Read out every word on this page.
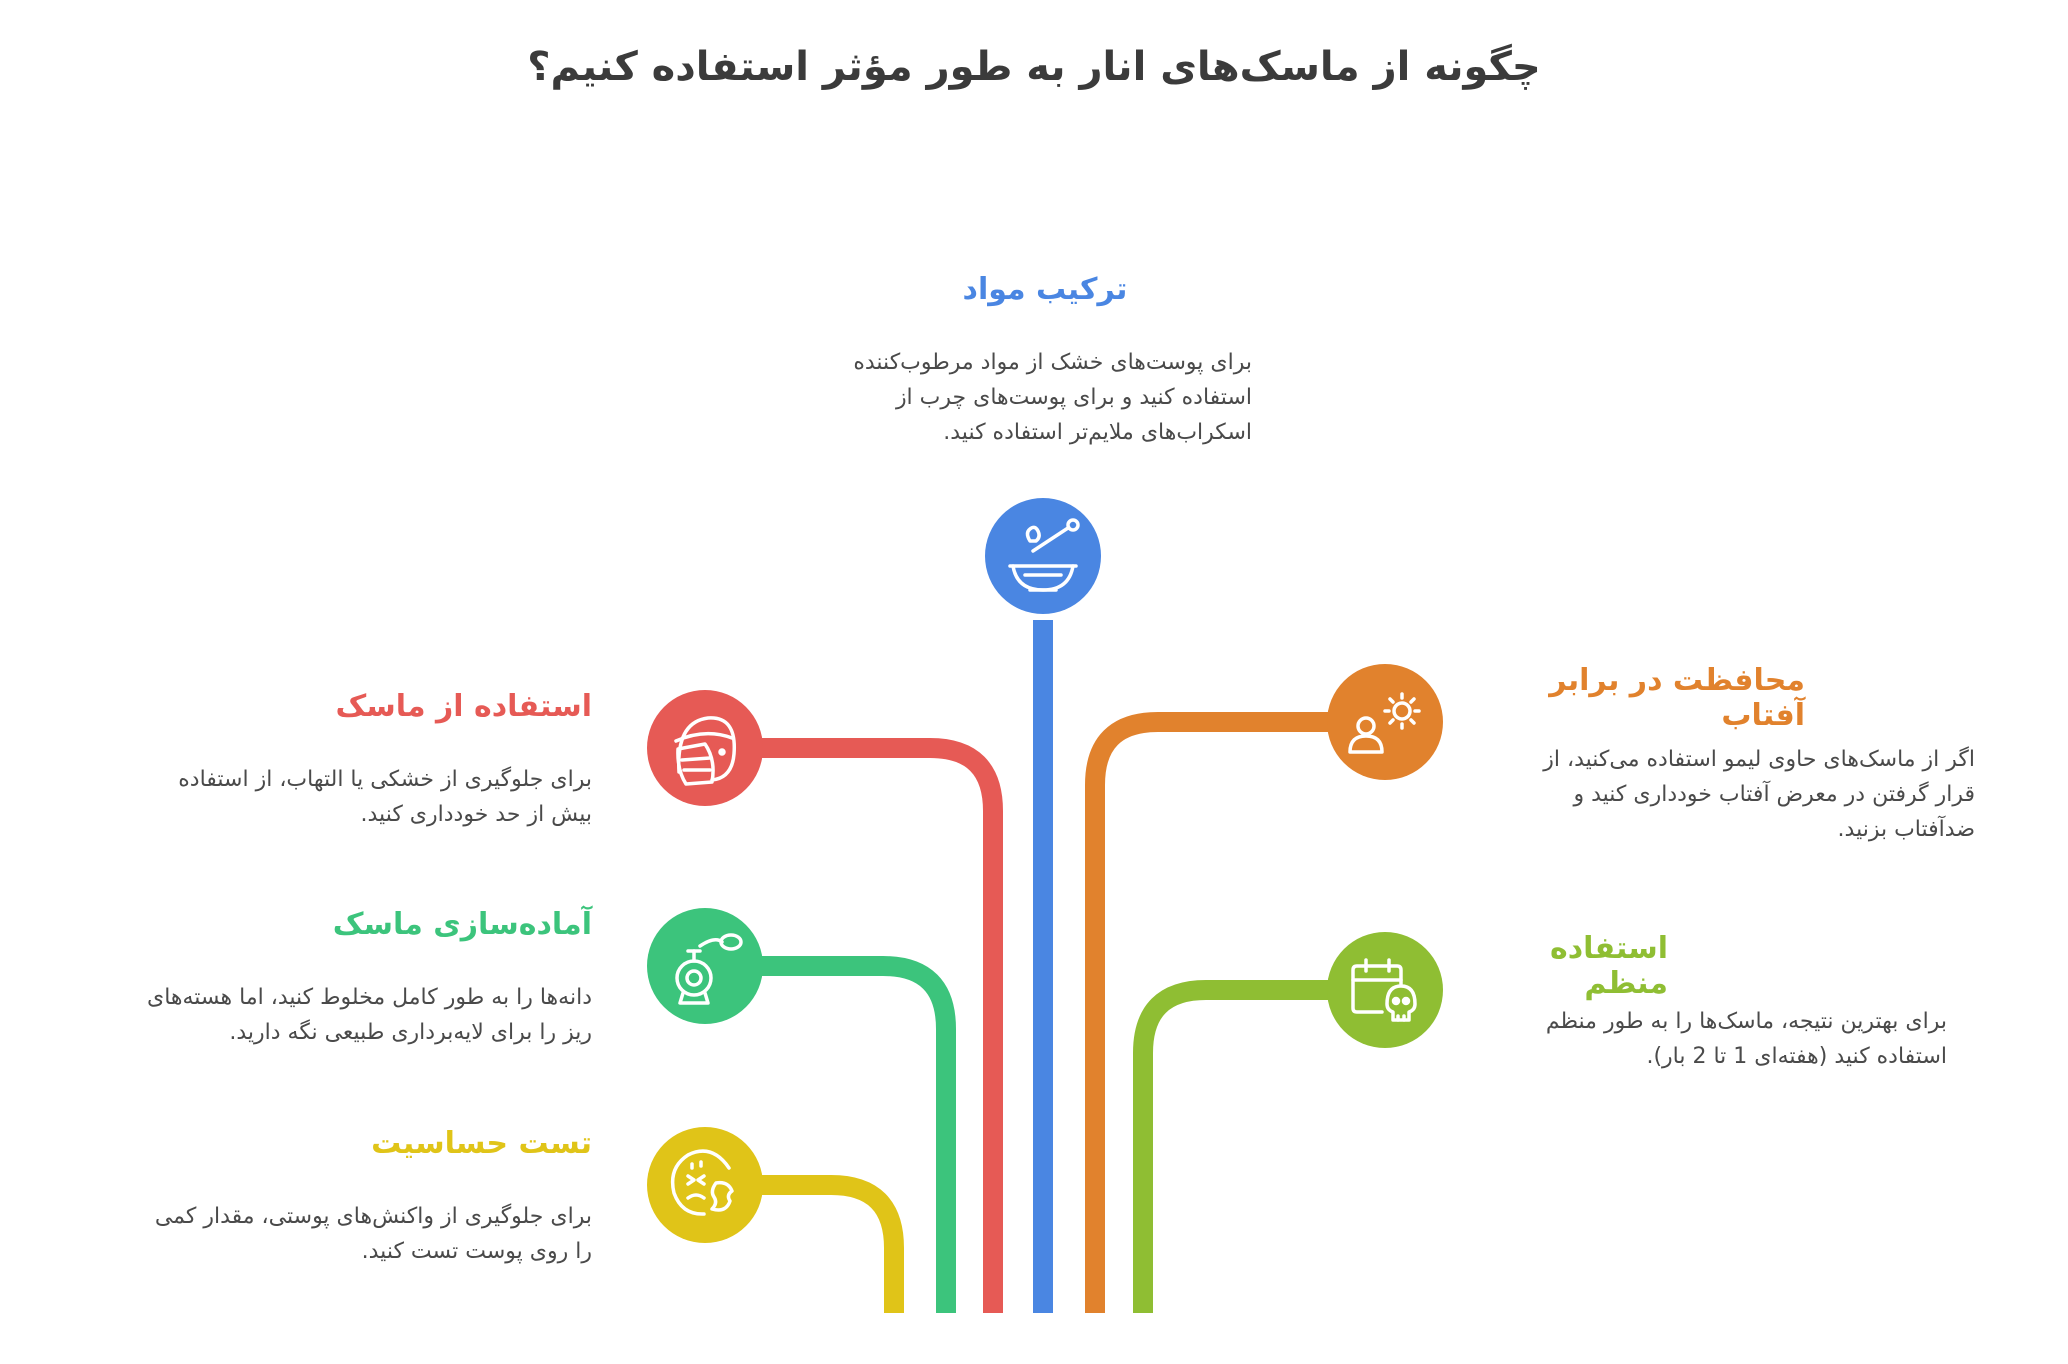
چگونه از ماسک‌های انار به طور مؤثر استفاده کنیم؟
ترکیب مواد
برای پوست‌های خشک از مواد مرطوب‌کننده
استفاده کنید و برای پوست‌های چرب از
اسکراب‌های ملایم‌تر استفاده کنید.
استفاده از ماسک
برای جلوگیری از خشکی یا التهاب، از استفاده
بیش از حد خودداری کنید.
آماده‌سازی ماسک
دانه‌ها را به طور کامل مخلوط کنید، اما هسته‌های
ریز را برای لایه‌برداری طبیعی نگه دارید.
تست حساسیت
برای جلوگیری از واکنش‌های پوستی، مقدار کمی
را روی پوست تست کنید.
محافظت در برابر آفتاب
اگر از ماسک‌های حاوی لیمو استفاده می‌کنید، از
قرار گرفتن در معرض آفتاب خودداری کنید و
ضدآفتاب بزنید.
استفاده منظم
برای بهترین نتیجه، ماسک‌ها را به طور منظم
استفاده کنید (هفته‌ای 1 تا 2 بار).
